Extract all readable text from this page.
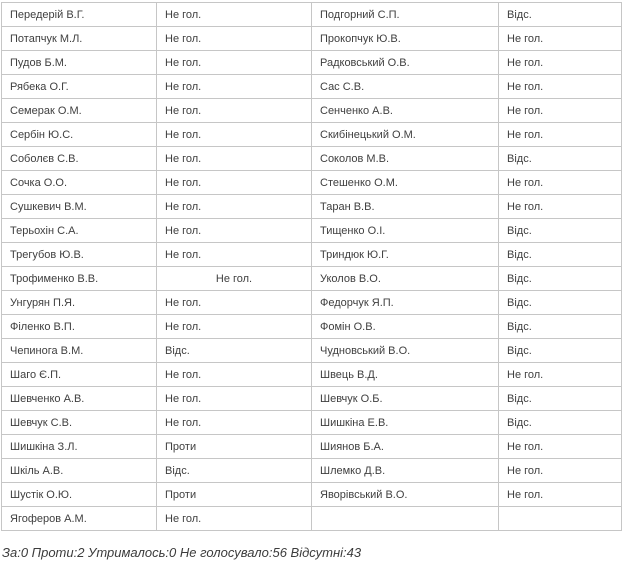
Передерій В.Г.	Не гол.	Подгорний С.П.	Відс.
Потапчук М.Л.	Не гол.	Прокопчук Ю.В.	Не гол.
Пудов Б.М.	Не гол.	Радковський О.В.	Не гол.
Рябека О.Г.	Не гол.	Сас С.В.	Не гол.
Семерак О.М.	Не гол.	Сенченко А.В.	Не гол.
Сербін Ю.С.	Не гол.	Скибінецький О.М.	Не гол.
Соболєв С.В.	Не гол.	Соколов М.В.	Відс.
Сочка О.О.	Не гол.	Стешенко О.М.	Не гол.
Сушкевич В.М.	Не гол.	Таран В.В.	Не гол.
Терьохін С.А.	Не гол.	Тищенко О.І.	Відс.
Трегубов Ю.В.	Не гол.	Триндюк Ю.Г.	Відс.
Трофименко В.В.	Не гол.	Уколов В.О.	Відс.
Унгурян П.Я.	Не гол.	Федорчук Я.П.	Відс.
Філенко В.П.	Не гол.	Фомін О.В.	Відс.
Чепинога В.М.	Відс.	Чудновський В.О.	Відс.
Шаго Є.П.	Не гол.	Швець В.Д.	Не гол.
Шевченко А.В.	Не гол.	Шевчук О.Б.	Відс.
Шевчук С.В.	Не гол.	Шишкіна Е.В.	Відс.
Шишкіна З.Л.	Проти	Шиянов Б.А.	Не гол.
Шкіль А.В.	Відс.	Шлемко Д.В.	Не гол.
Шустік О.Ю.	Проти	Яворівський В.О.	Не гол.
Ягоферов А.М.	Не гол.		
За:0 Проти:2 Утрималось:0 Не голосувало:56 Відсутні:43
